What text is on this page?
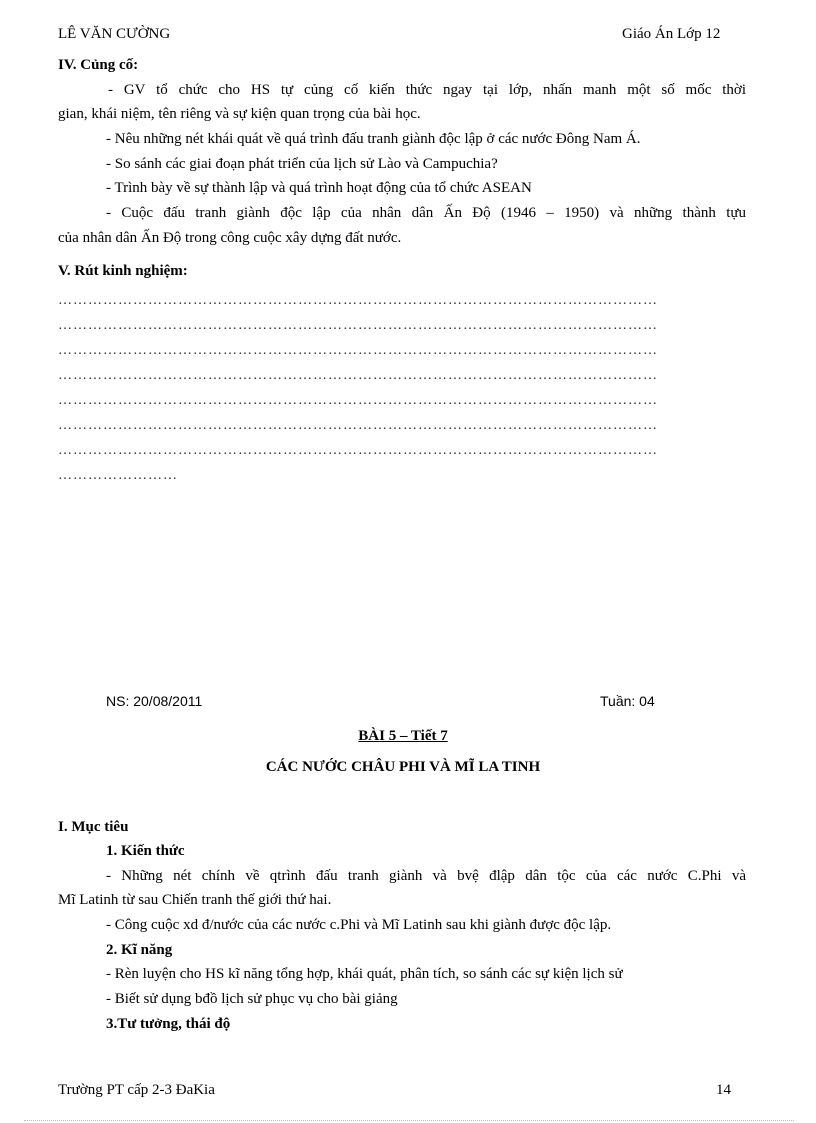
LÊ VĂN CƯỜNG	Giáo Án Lớp 12
IV. Củng cố:
- GV tổ chức cho HS tự củng cố kiến thức ngay tại lớp, nhấn manh một số mốc thời
gian, khái niệm, tên riêng và sự kiện quan trọng của bài học.
- Nêu những nét khái quát về quá trình đấu tranh giành độc lập ở các nước Đông Nam Á.
- So sánh các giai đoạn phát triển của lịch sử Lào và Campuchia?
- Trình bày về sự thành lập và quá trình hoạt động của tổ chức ASEAN
- Cuộc đấu tranh giành độc lập của nhân dân Ấn Độ (1946 – 1950) và những thành tựu
của nhân dân Ấn Độ trong công cuộc xây dựng đất nước.
V. Rút kinh nghiệm:
…………………………………………………………………………………………………………
…………………………………………………………………………………………………………
…………………………………………………………………………………………………………
…………………………………………………………………………………………………………
…………………………………………………………………………………………………………
…………………………………………………………………………………………………………
…………………………………………………………………………………………………………
……………………
NS: 20/08/2011	Tuần: 04
BÀI 5 – Tiết 7
CÁC NƯỚC CHÂU PHI VÀ MĨ LA TINH
I. Mục tiêu
1. Kiến thức
- Những nét chính về qtrình đấu tranh giành và bvệ đlập dân tộc của các nước C.Phi và
Mĩ Latinh từ sau Chiến tranh thế giới thứ hai.
- Công cuộc xd đ/nước của các nước c.Phi và Mĩ Latinh sau khi giành được độc lập.
2. Kĩ năng
- Rèn luyện cho HS kĩ năng tổng hợp, khái quát, phân tích, so sánh các sự kiện lịch sử
- Biết sử dụng bđồ lịch sử phục vụ cho bài giảng
3.Tư tưởng, thái độ
Trường PT cấp 2-3 ĐaKia	14
